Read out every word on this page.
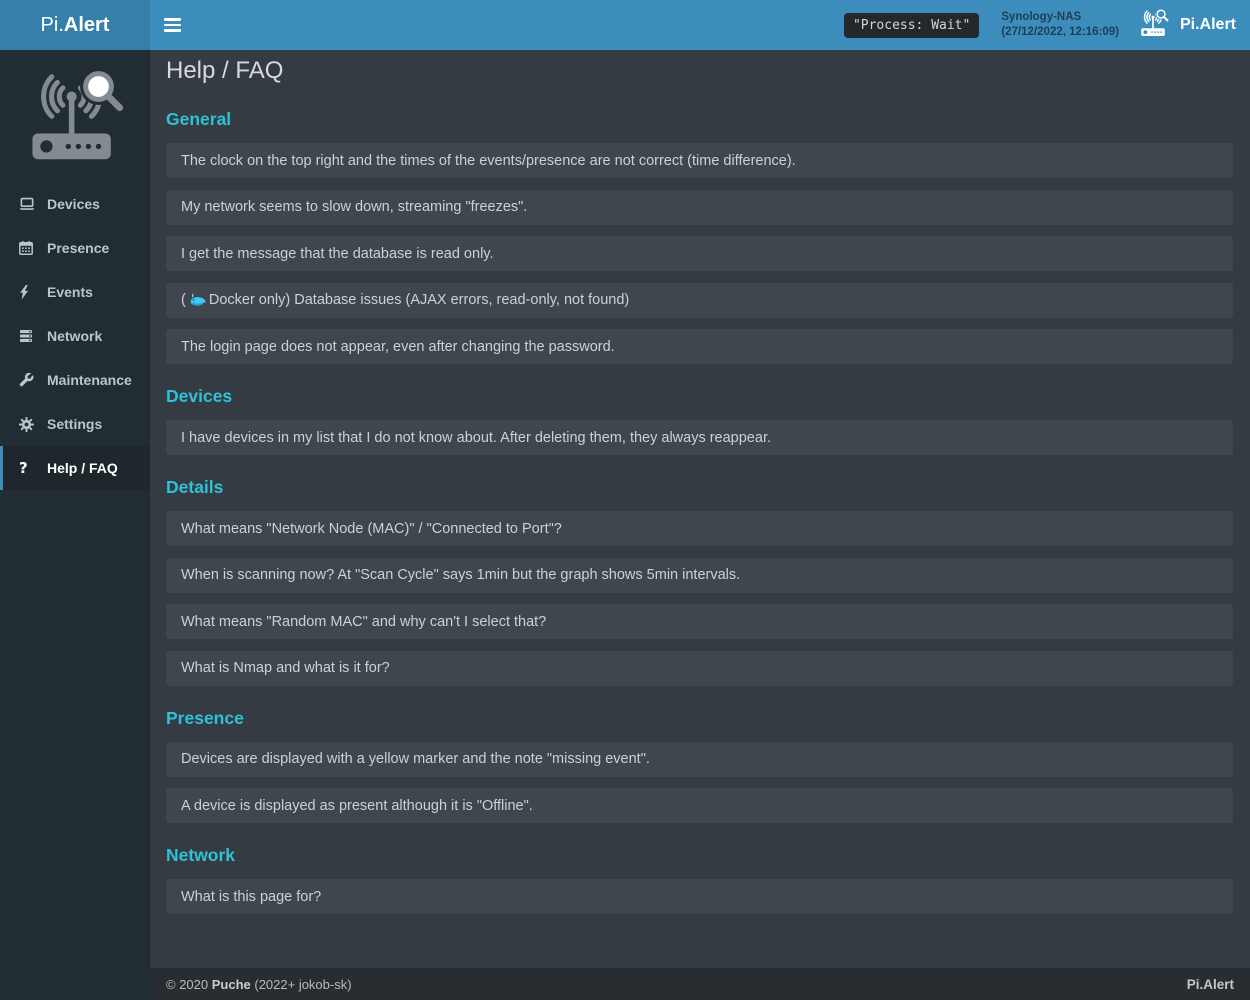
Pi. Alert	"Process: Wait"
Synology-NAS
(27/12/2022, 12:16:09)	Pi.Alert
Devices
Presence
Events
Network
Maintenance
Settings
? Help / FAQ
Help / FAQ
General
The clock on the top right and the times of the events/presence are not correct (time difference).
My network seems to slow down, streaming "freezes".
I get the message that the database is read only.
( Docker only) Database issues (AJAX errors, read-only, not found)
The login page does not appear, even after changing the password.
Devices
I have devices in my list that I do not know about. After deleting them, they always reappear.
Details
What means "Network Node (MAC)" / "Connected to Port"?
When is scanning now? At "Scan Cycle" says 1min but the graph shows 5min intervals.
What means "Random MAC" and why can't I select that?
What is Nmap and what is it for?
Presence
Devices are displayed with a yellow marker and the note "missing event".
A device is displayed as present although it is "Offline".
Network
What is this page for?
© 2020 Puche (2022+ jokob-sk)	Pi.Alert
